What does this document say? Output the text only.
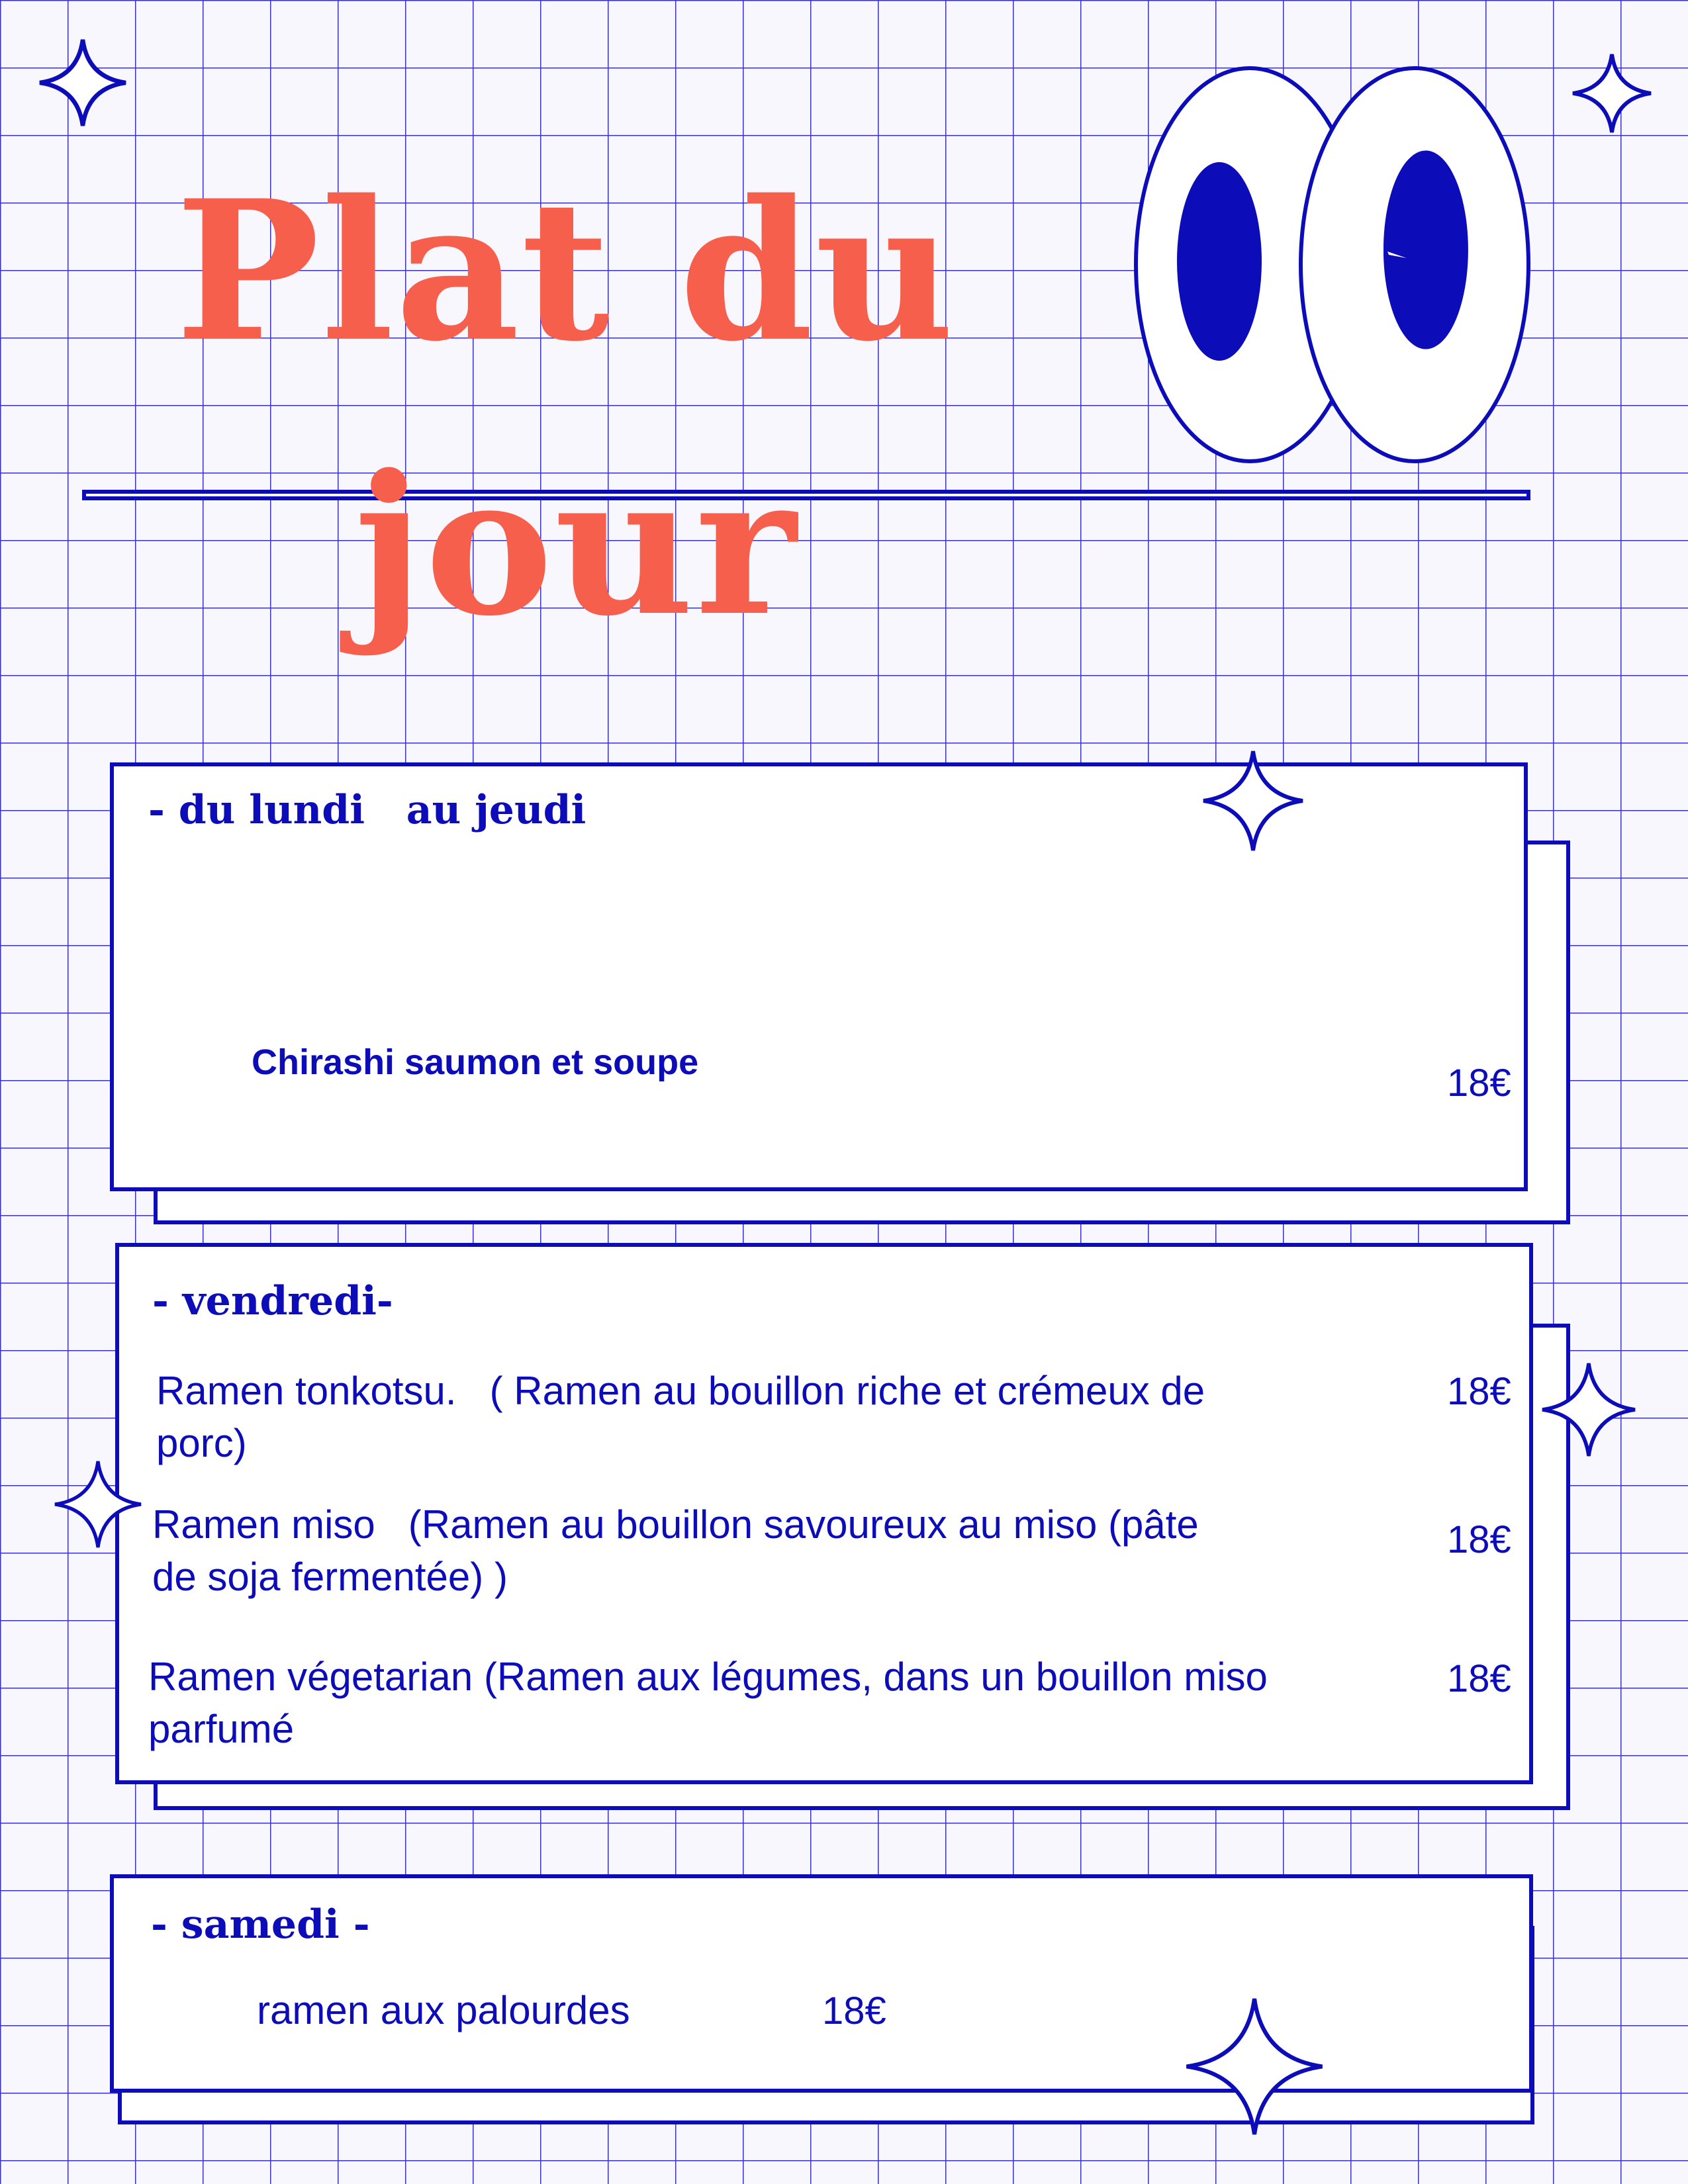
Plat du
jour
- du lundi   au jeudi
Chirashi saumon et soupe	18€
- vendredi-
Ramen tonkotsu.   ( Ramen au bouillon riche et crémeux de
porc)
18€
Ramen miso   (Ramen au bouillon savoureux au miso (pâte
de soja fermentée) )
18€
Ramen végetarian (Ramen aux légumes, dans un bouillon miso
parfumé
18€
- samedi -
ramen aux palourdes	18€
